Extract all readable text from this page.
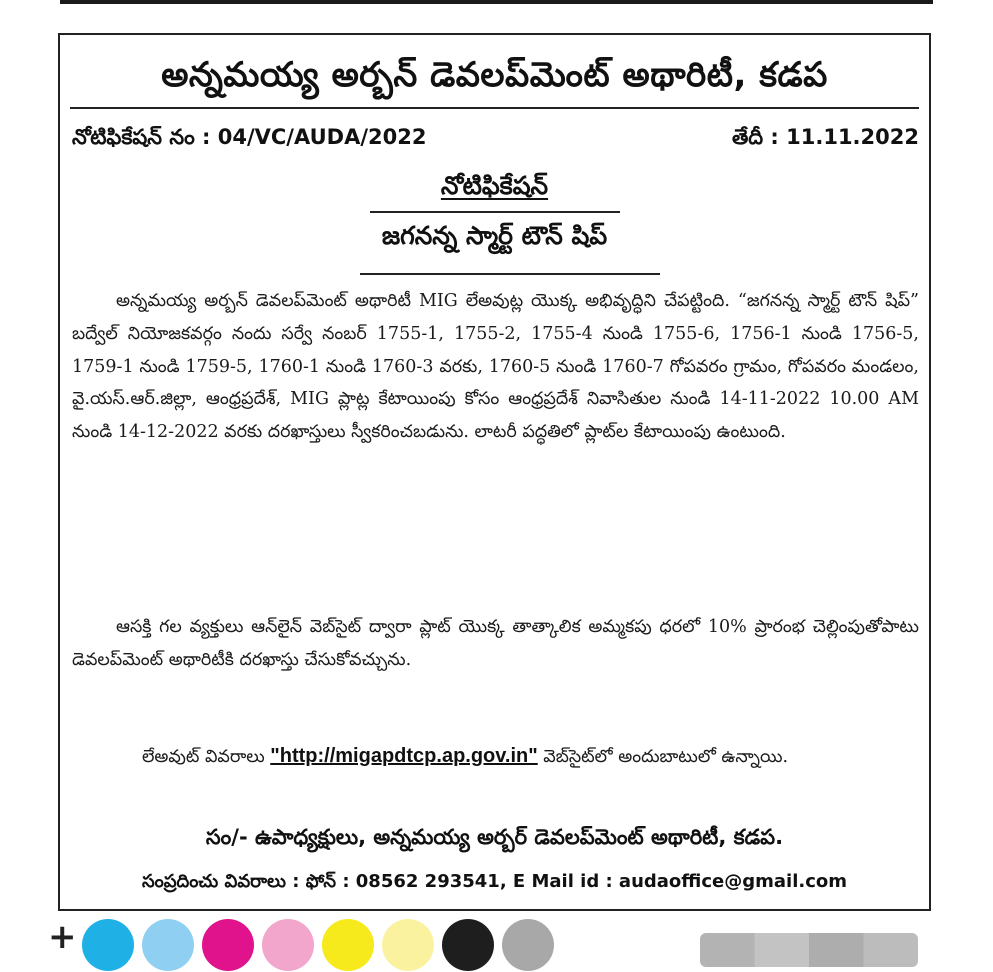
అన్నమయ్య అర్బన్ డెవలప్‌మెంట్ అథారిటీ, కడప
నోటిఫికేషన్ నం : 04/VC/AUDA/2022	తేదీ : 11.11.2022
నోటిఫికేషన్
జగనన్న స్మార్ట్ టౌన్ షిప్
అన్నమయ్య అర్బన్ డెవలప్‌మెంట్ అథారిటీ MIG లేఅవుట్ల యొక్క అభివృద్ధిని చేపట్టింది. “జగనన్న స్మార్ట్ టౌన్ షిప్” బద్వేల్ నియోజకవర్గం నందు సర్వే నంబర్ 1755-1, 1755-2, 1755-4 నుండి 1755-6, 1756-1 నుండి 1756-5, 1759-1 నుండి 1759-5, 1760-1 నుండి 1760-3 వరకు, 1760-5 నుండి 1760-7 గోపవరం గ్రామం, గోపవరం మండలం, వై.యస్.ఆర్.జిల్లా, ఆంధ్రప్రదేశ్, MIG ప్లాట్ల కేటాయింపు కోసం ఆంధ్రప్రదేశ్ నివాసితుల నుండి 14-11-2022 10.00 AM నుండి 14-12-2022 వరకు దరఖాస్తులు స్వీకరించబడును. లాటరీ పద్ధతిలో ప్లాట్‌ల కేటాయింపు ఉంటుంది.
ఆసక్తి గల వ్యక్తులు ఆన్‌లైన్ వెబ్‌సైట్ ద్వారా ప్లాట్ యొక్క తాత్కాలిక అమ్మకపు ధరలో 10% ప్రారంభ చెల్లింపుతోపాటు డెవలప్‌మెంట్ అథారిటీకి దరఖాస్తు చేసుకోవచ్చును.
లేఅవుట్ వివరాలు "http://migapdtcp.ap.gov.in" వెబ్‌సైట్‌లో అందుబాటులో ఉన్నాయి.
సం/- ఉపాధ్యక్షులు, అన్నమయ్య అర్బర్ డెవలప్‌మెంట్ అథారిటీ, కడప.
సంప్రదించు వివరాలు : ఫోన్ : 08562 293541, E Mail id : audaoffice@gmail.com
+
